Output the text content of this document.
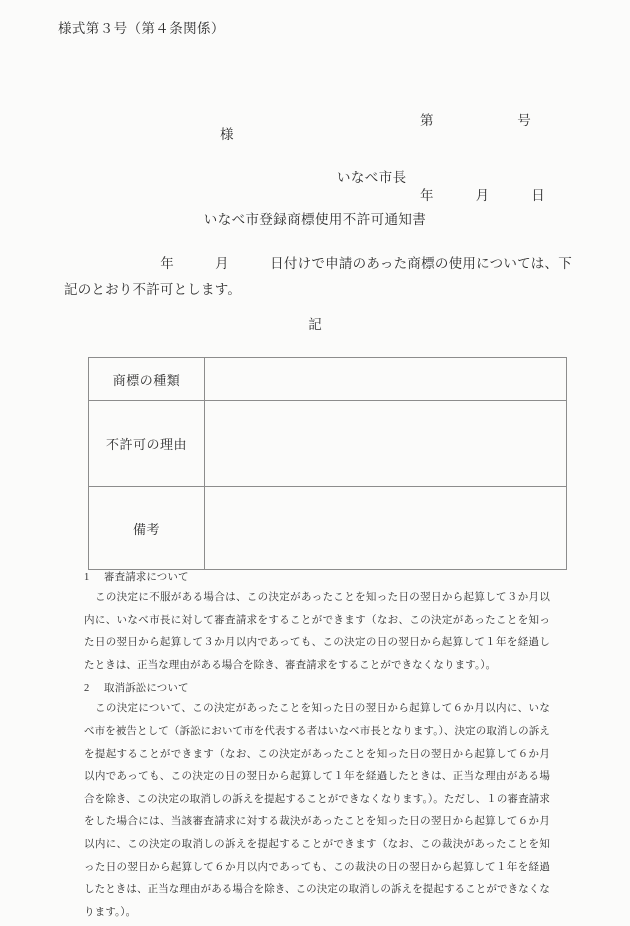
様式第３号（第４条関係）

第　　　　　　号

年　　　月　　　日

様
いなべ市長
いなべ市登録商標使用不許可通知書
　　　　　　　年　　　月　　　日付けで申請のあった商標の使用については、下記のとおり不許可とします。
記
商標の種類	
不許可の理由	
備考	
1 審査請求について
この決定に不服がある場合は、この決定があったことを知った日の翌日から起算して３か月以内に、いなべ市長に対して審査請求をすることができます（なお、この決定があったことを知った日の翌日から起算して３か月以内であっても、この決定の日の翌日から起算して１年を経過したときは、正当な理由がある場合を除き、審査請求をすることができなくなります。）。
2 取消訴訟について
この決定について、この決定があったことを知った日の翌日から起算して６か月以内に、いなべ市を被告として（訴訟において市を代表する者はいなべ市長となります。）、決定の取消しの訴えを提起することができます（なお、この決定があったことを知った日の翌日から起算して６か月以内であっても、この決定の日の翌日から起算して１年を経過したときは、正当な理由がある場合を除き、この決定の取消しの訴えを提起することができなくなります。）。ただし、１の審査請求をした場合には、当該審査請求に対する裁決があったことを知った日の翌日から起算して６か月以内に、この決定の取消しの訴えを提起することができます（なお、この裁決があったことを知った日の翌日から起算して６か月以内であっても、この裁決の日の翌日から起算して１年を経過したときは、正当な理由がある場合を除き、この決定の取消しの訴えを提起することができなくなります。）。
